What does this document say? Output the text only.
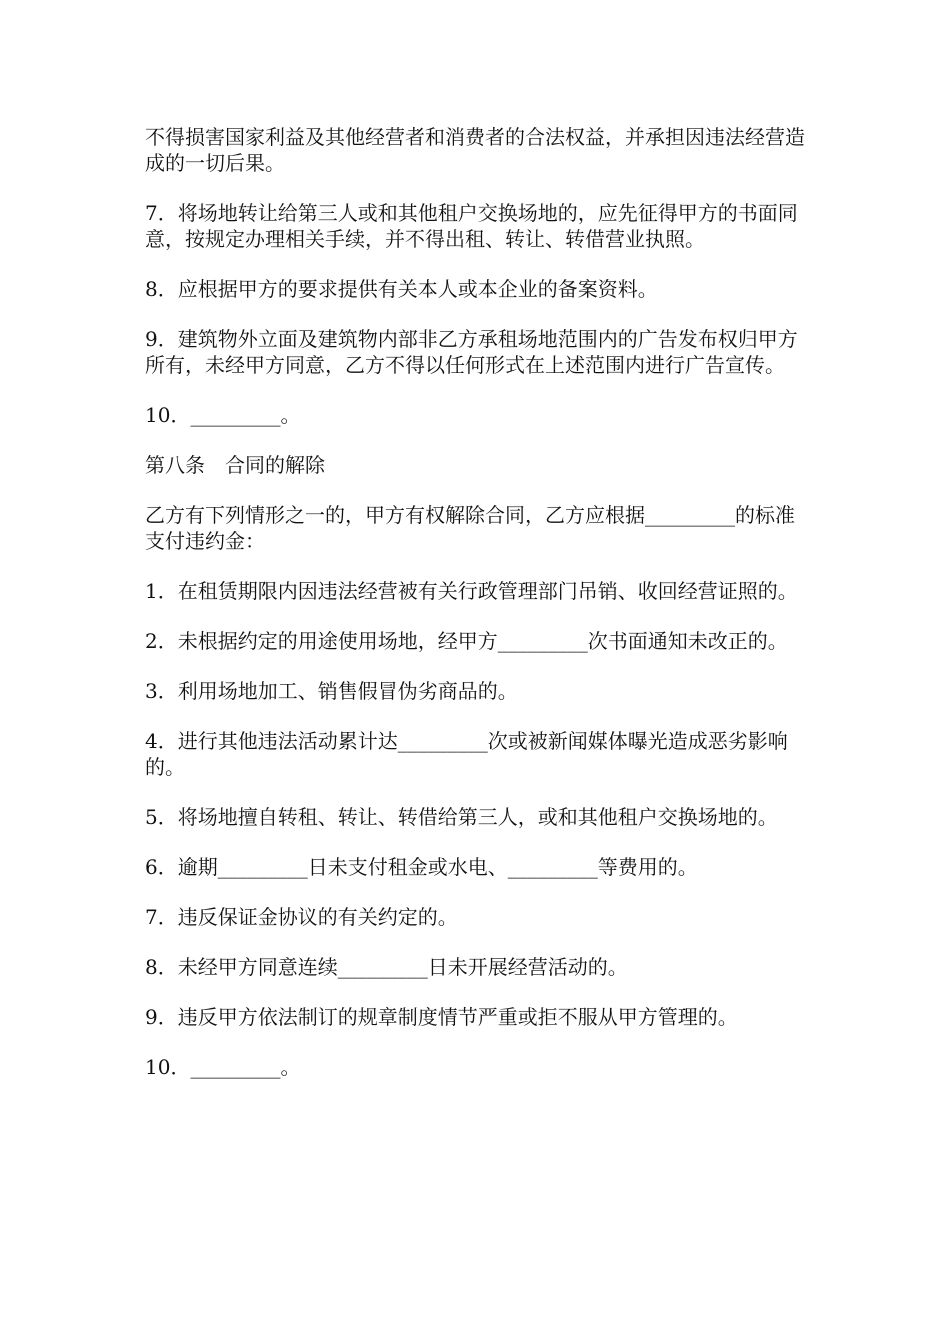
不得损害国家利益及其他经营者和消费者的合法权益，并承担因违法经营造成的一切后果。

7．将场地转让给第三人或和其他租户交换场地的，应先征得甲方的书面同意，按规定办理相关手续，并不得出租、转让、转借营业执照。

8．应根据甲方的要求提供有关本人或本企业的备案资料。

9．建筑物外立面及建筑物内部非乙方承租场地范围内的广告发布权归甲方所有，未经甲方同意，乙方不得以任何形式在上述范围内进行广告宣传。

10．_________。

第八条　合同的解除

乙方有下列情形之一的，甲方有权解除合同，乙方应根据_________的标准支付违约金：

1．在租赁期限内因违法经营被有关行政管理部门吊销、收回经营证照的。

2．未根据约定的用途使用场地，经甲方_________次书面通知未改正的。

3．利用场地加工、销售假冒伪劣商品的。

4．进行其他违法活动累计达_________次或被新闻媒体曝光造成恶劣影响的。

5．将场地擅自转租、转让、转借给第三人，或和其他租户交换场地的。

6．逾期_________日未支付租金或水电、_________等费用的。

7．违反保证金协议的有关约定的。

8．未经甲方同意连续_________日未开展经营活动的。

9．违反甲方依法制订的规章制度情节严重或拒不服从甲方管理的。

10．_________。
